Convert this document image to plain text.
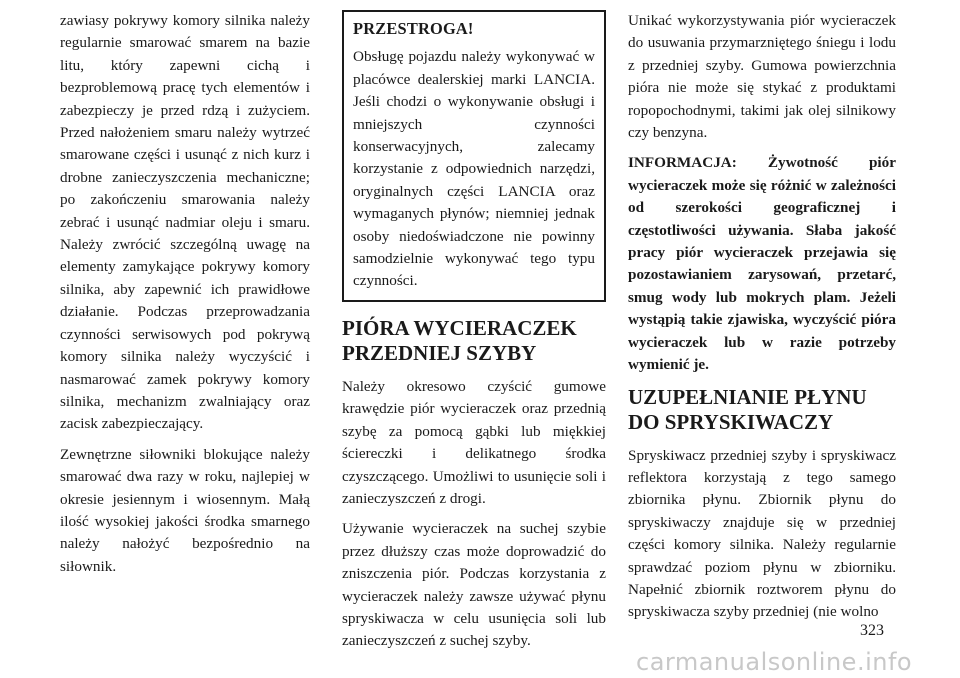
zawiasy pokrywy komory silnika należy regularnie smarować smarem na bazie litu, który zapewni cichą i bezproblemową pracę tych elementów i zabezpieczy je przed rdzą i zużyciem. Przed nałożeniem smaru należy wytrzeć smarowane części i usunąć z nich kurz i drobne zanieczyszczenia mechaniczne; po zakończeniu smarowania należy zebrać i usunąć nadmiar oleju i smaru. Należy zwrócić szczególną uwagę na elementy zamykające pokrywy komory silnika, aby zapewnić ich prawidłowe działanie. Podczas przeprowadzania czynności serwisowych pod pokrywą komory silnika należy wyczyścić i nasmarować zamek pokrywy komory silnika, mechanizm zwalniający oraz zacisk zabezpieczający.

Zewnętrzne siłowniki blokujące należy smarować dwa razy w roku, najlepiej w okresie jesiennym i wiosennym. Małą ilość wysokiej jakości środka smarnego należy nałożyć bezpośrednio na siłownik.

PRZESTROGA!

Obsługę pojazdu należy wykonywać w placówce dealerskiej marki LANCIA. Jeśli chodzi o wykonywanie obsługi i mniejszych czynności konserwacyjnych, zalecamy korzystanie z odpowiednich narzędzi, oryginalnych części LANCIA oraz wymaganych płynów; niemniej jednak osoby niedoświadczone nie powinny samodzielnie wykonywać tego typu czynności.

PIÓRA WYCIERACZEK PRZEDNIEJ SZYBY

Należy okresowo czyścić gumowe krawędzie piór wycieraczek oraz przednią szybę za pomocą gąbki lub miękkiej ściereczki i delikatnego środka czyszczącego. Umożliwi to usunięcie soli i zanieczyszczeń z drogi.

Używanie wycieraczek na suchej szybie przez dłuższy czas może doprowadzić do zniszczenia piór. Podczas korzystania z wycieraczek należy zawsze używać płynu spryskiwacza w celu usunięcia soli lub zanieczyszczeń z suchej szyby.

Unikać wykorzystywania piór wycieraczek do usuwania przymarzniętego śniegu i lodu z przedniej szyby. Gumowa powierzchnia pióra nie może się stykać z produktami ropopochodnymi, takimi jak olej silnikowy czy benzyna.

INFORMACJA: Żywotność piór wycieraczek może się różnić w zależności od szerokości geograficznej i częstotliwości używania. Słaba jakość pracy piór wycieraczek przejawia się pozostawianiem zarysowań, przetarć, smug wody lub mokrych plam. Jeżeli wystąpią takie zjawiska, wyczyścić pióra wycieraczek lub w razie potrzeby wymienić je.

UZUPEŁNIANIE PŁYNU DO SPRYSKIWACZY

Spryskiwacz przedniej szyby i spryskiwacz reflektora korzystają z tego samego zbiornika płynu. Zbiornik płynu do spryskiwaczy znajduje się w przedniej części komory silnika. Należy regularnie sprawdzać poziom płynu w zbiorniku. Napełnić zbiornik roztworem płynu do spryskiwacza szyby przedniej (nie wolno

323
carmanualsonline.info
